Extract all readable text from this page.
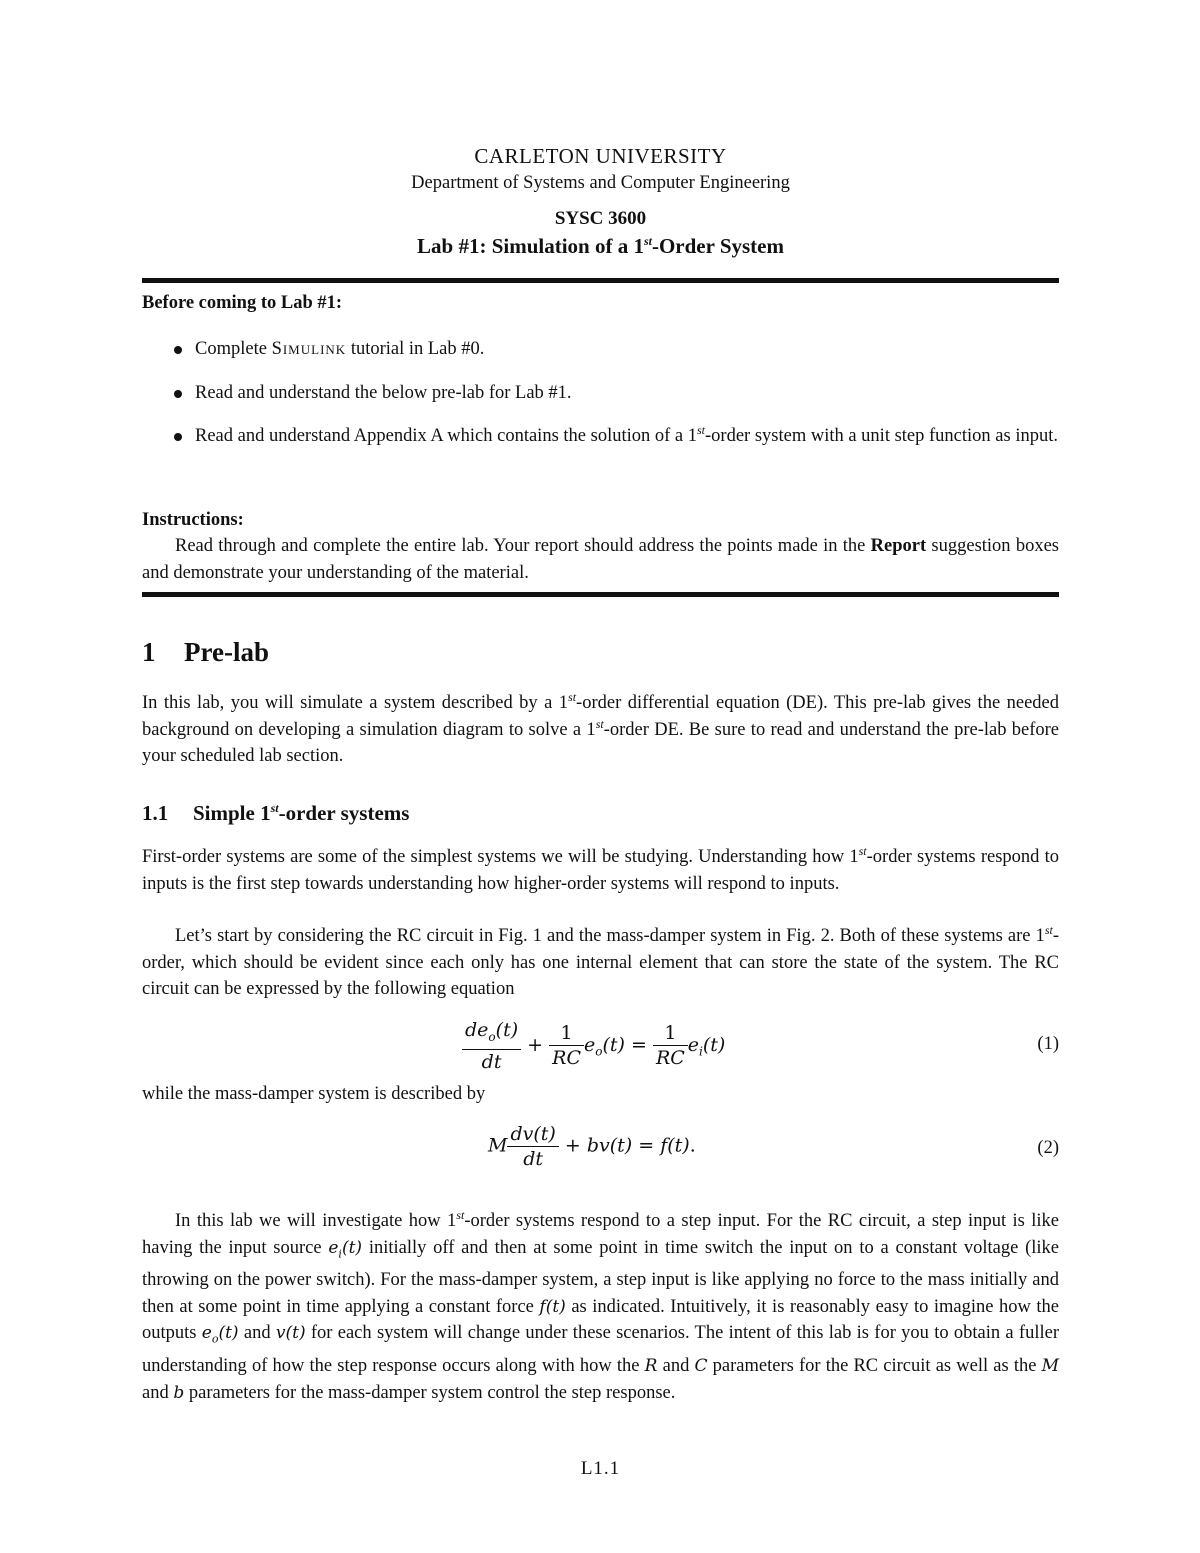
CARLETON UNIVERSITY
Department of Systems and Computer Engineering
SYSC 3600
Lab #1: Simulation of a 1st-Order System
Before coming to Lab #1:
Complete Simulink tutorial in Lab #0.
Read and understand the below pre-lab for Lab #1.
Read and understand Appendix A which contains the solution of a 1st-order system with a unit step function as input.
Instructions:
Read through and complete the entire lab. Your report should address the points made in the Report suggestion boxes and demonstrate your understanding of the material.
1 Pre-lab
In this lab, you will simulate a system described by a 1st-order differential equation (DE). This pre-lab gives the needed background on developing a simulation diagram to solve a 1st-order DE. Be sure to read and understand the pre-lab before your scheduled lab section.
1.1 Simple 1st-order systems
First-order systems are some of the simplest systems we will be studying. Understanding how 1st-order systems respond to inputs is the first step towards understanding how higher-order systems will respond to inputs.
Let’s start by considering the RC circuit in Fig. 1 and the mass-damper system in Fig. 2. Both of these systems are 1st-order, which should be evident since each only has one internal element that can store the state of the system. The RC circuit can be expressed by the following equation
$\frac{de_o(t)}{dt} + \frac{1}{RC} e_o(t) = \frac{1}{RC} e_i(t)$	(1)
while the mass-damper system is described by
M $\frac{dv(t)}{dt} + bv(t) = f(t)$.	(2)
In this lab we will investigate how 1st-order systems respond to a step input. For the RC circuit, a step input is like having the input source $e_i(t)$ initially off and then at some point in time switch the input on to a constant voltage (like throwing on the power switch). For the mass-damper system, a step input is like applying no force to the mass initially and then at some point in time applying a constant force f(t) as indicated. Intuitively, it is reasonably easy to imagine how the outputs $e_o(t)$ and v(t) for each system will change under these scenarios. The intent of this lab is for you to obtain a fuller understanding of how the step response occurs along with how the R and C parameters for the RC circuit as well as the M and b parameters for the mass-damper system control the step response.
L1.1
